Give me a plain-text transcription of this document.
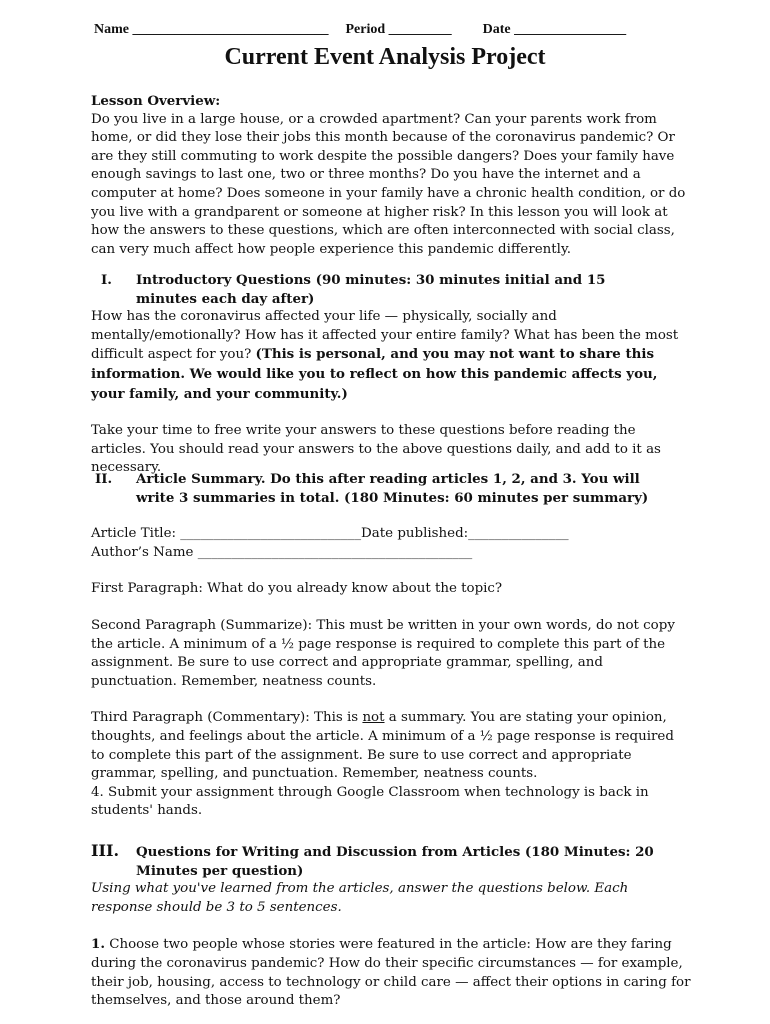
Name ____________________________ Period _________ Date ________________
Current Event Analysis Project

Lesson Overview:

Do you live in a large house, or a crowded apartment? Can your parents work from home, or did they lose their jobs this month because of the coronavirus pandemic? Or are they still commuting to work despite the possible dangers? Does your family have enough savings to last one, two or three months? Do you have the internet and a computer at home? Does someone in your family have a chronic health condition, or do you live with a grandparent or someone at higher risk? In this lesson you will look at how the answers to these questions, which are often interconnected with social class, can very much affect how people experience this pandemic differently.

I. Introductory Questions (90 minutes: 30 minutes initial and 15

minutes each day after)

How has the coronavirus affected your life — physically, socially and mentally/emotionally? How has it affected your entire family? What has been the most difficult aspect for you? (This is personal, and you may not want to share this information. We would like you to reflect on how this pandemic affects you, your family, and your community.)

Take your time to free write your answers to these questions before reading the articles. You should read your answers to the above questions daily, and add to it as necessary.

II. Article Summary. Do this after reading articles 1, 2, and 3. You will

write 3 summaries in total. (180 Minutes: 60 minutes per summary)

Article Title: ___________________________Date published:_______________

Author’s Name _________________________________________

First Paragraph: What do you already know about the topic?

Second Paragraph (Summarize): This must be written in your own words, do not copy the article. A minimum of a ½ page response is required to complete this part of the assignment. Be sure to use correct and appropriate grammar, spelling, and punctuation. Remember, neatness counts.

Third Paragraph (Commentary): This is not a summary. You are stating your opinion, thoughts, and feelings about the article. A minimum of a ½ page response is required to complete this part of the assignment. Be sure to use correct and appropriate grammar, spelling, and punctuation. Remember, neatness counts.

4. Submit your assignment through Google Classroom when technology is back in students' hands.

III. Questions for Writing and Discussion from Articles (180 Minutes: 20

Minutes per question)

Using what you've learned from the articles, answer the questions below. Each response should be 3 to 5 sentences.

1. Choose two people whose stories were featured in the article: How are they faring during the coronavirus pandemic? How do their specific circumstances — for example, their job, housing, access to technology or child care — affect their options in caring for themselves, and those around them?
